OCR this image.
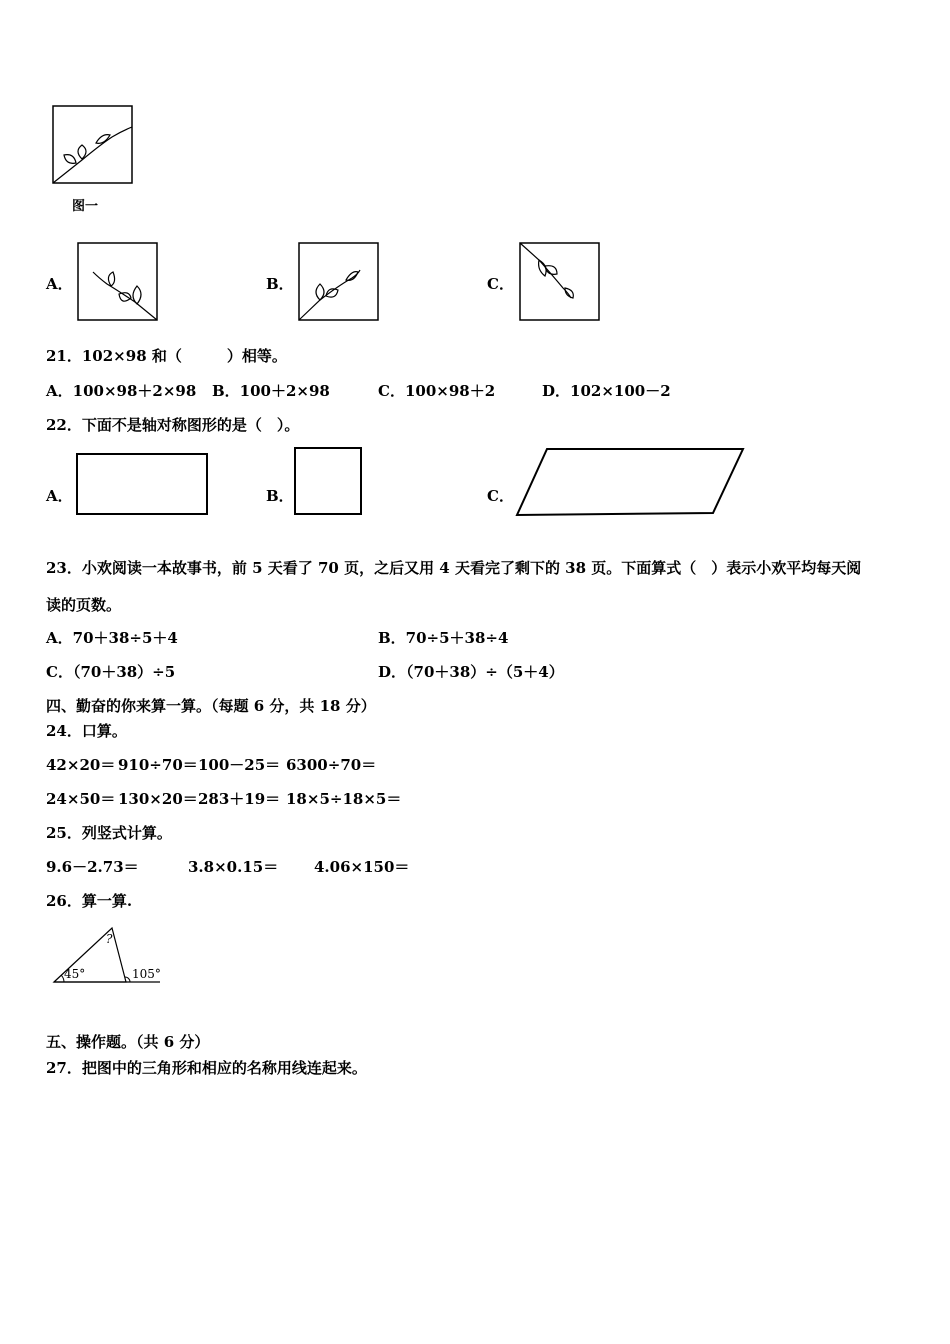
图一
A．	B．	C．
21．102×98 和（　　　）相等。
A．100×98＋2×98 B．100＋2×98	C．100×98＋2	D．102×100－2
22．下面不是轴对称图形的是（　）。
A．	B．	C．
23．小欢阅读一本故事书，前 5 天看了 70 页，之后又用 4 天看完了剩下的 38 页。下面算式（　）表示小欢平均每天阅
读的页数。
A．70＋38÷5＋4	B．70÷5＋38÷4
C．（70＋38）÷5	D．（70＋38）÷（5＋4）
四、勤奋的你来算一算。（每题 6 分，共 18 分）
24．口算。
42×20＝ 910÷70＝ 100－25＝ 6300÷70＝
24×50＝ 130×20＝ 283＋19＝ 18×5÷18×5＝
25．列竖式计算。
9.6－2.73＝	3.8×0.15＝ 4.06×150＝
26．算一算.
45°
?
105°
五、操作题。（共 6 分）
27．把图中的三角形和相应的名称用线连起来。
